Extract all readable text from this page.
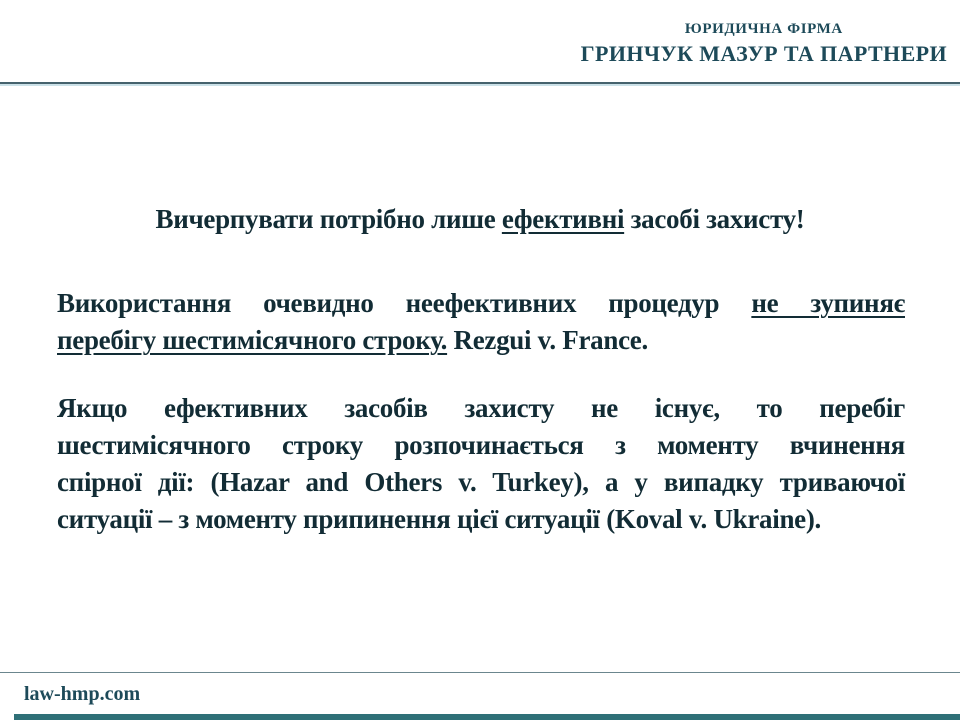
ЮРИДИЧНА ФІРМА
ГРИНЧУК МАЗУР ТА ПАРТНЕРИ
Вичерпувати потрібно лише ефективні засобі захисту!
Використання очевидно неефективних процедур не зупиняє
перебігу шестимісячного строку. Rezgui v. France.
Якщо ефективних засобів захисту не існує, то перебіг
шестимісячного строку розпочинається з моменту вчинення
спірної дії: (Hazar and Others v. Turkey), а у випадку триваючої
ситуації – з моменту припинення цієї ситуації (Koval v. Ukraine).
law-hmp.com
